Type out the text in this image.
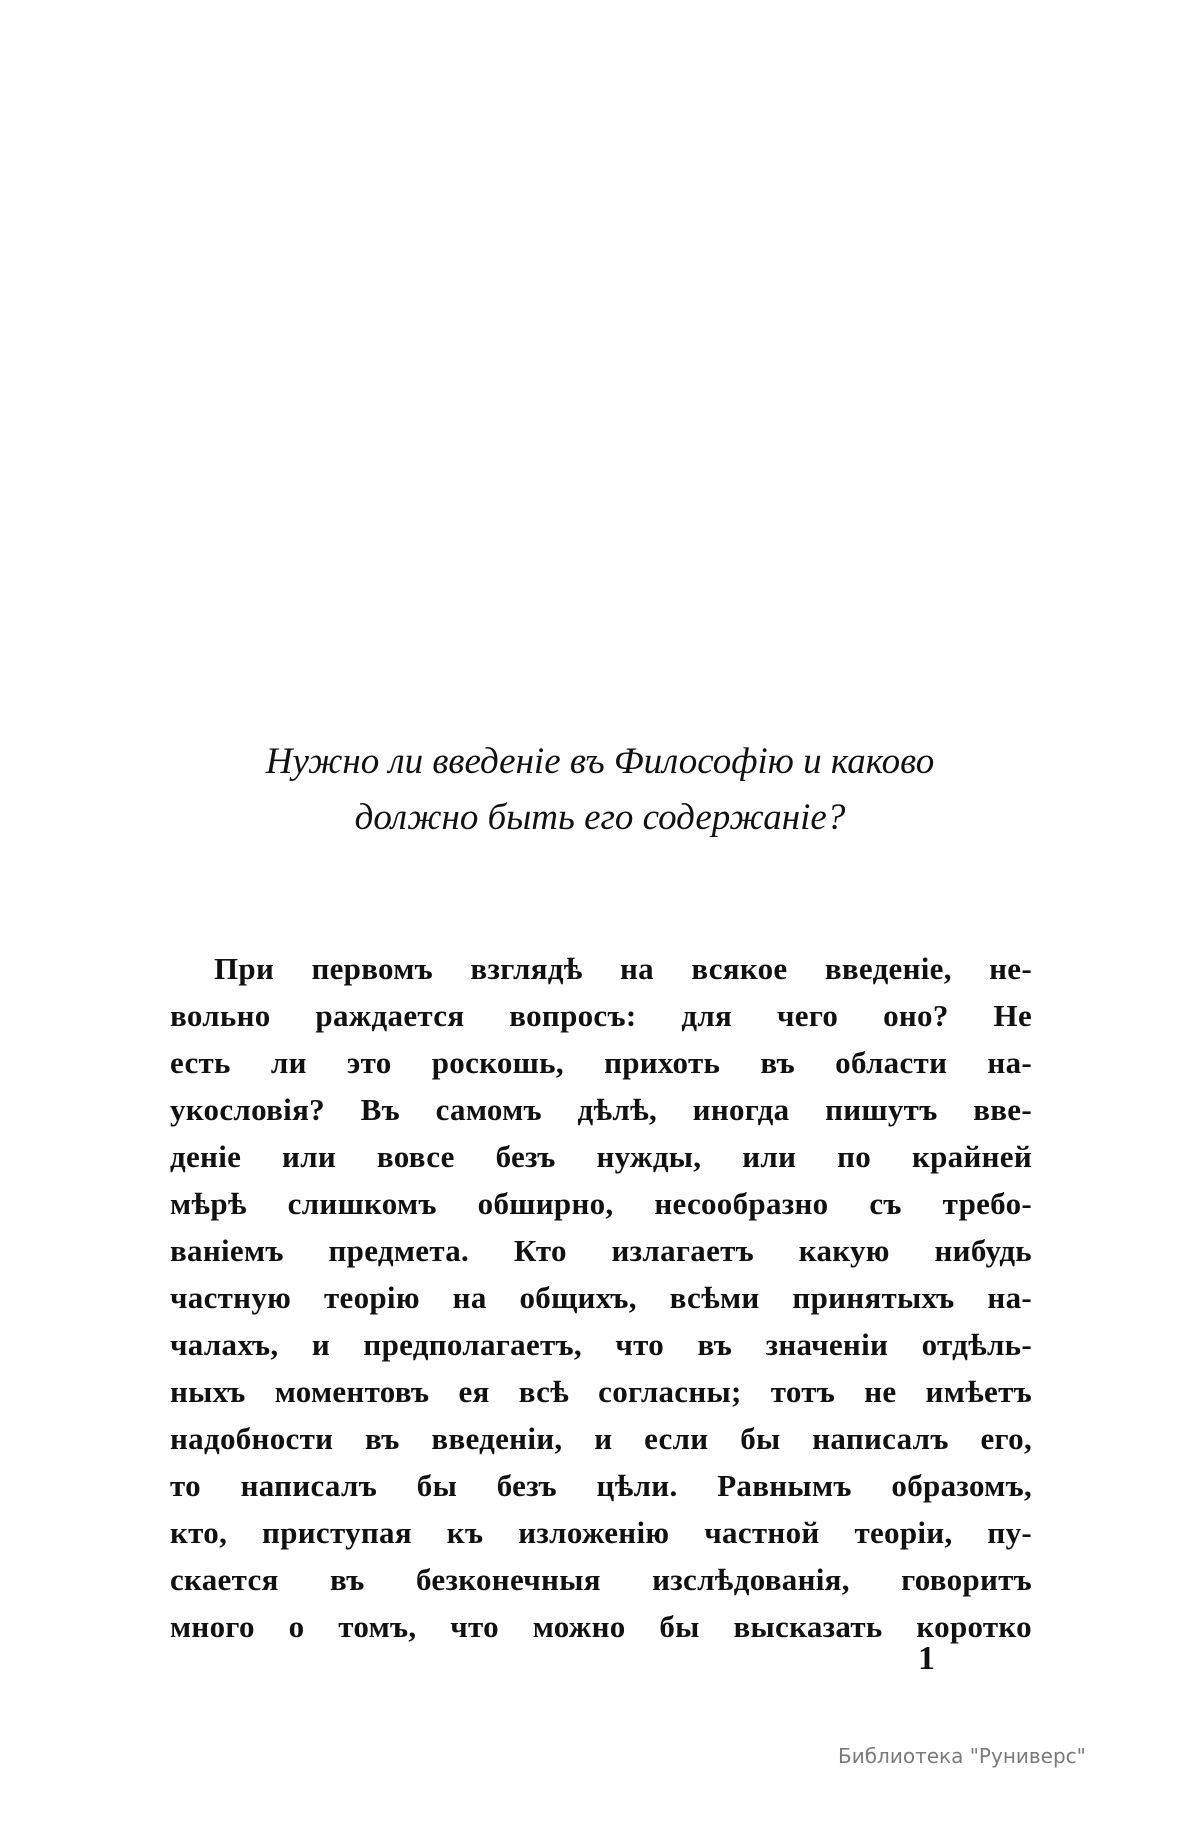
Нужно ли введеніе въ Философію и каково
должно быть его содержаніе?
При первомъ взглядѣ на всякое введеніе, не-
вольно раждается вопросъ: для чего оно? Не
есть ли это роскошь, прихоть въ области на-
укословія? Въ самомъ дѣлѣ, иногда пишутъ вве-
деніе или вовсе безъ нужды, или по крайней
мѣрѣ слишкомъ обширно, несообразно съ требо-
ваніемъ предмета. Кто излагаетъ какую нибудь
частную теорію на общихъ, всѣми принятыхъ на-
чалахъ, и предполагаетъ, что въ значеніи отдѣль-
ныхъ моментовъ ея всѣ согласны; тотъ не имѣетъ
надобности въ введеніи, и если бы написалъ его,
то написалъ бы безъ цѣли. Равнымъ образомъ,
кто, приступая къ изложенію частной теоріи, пу-
скается въ безконечныя изслѣдованія, говоритъ
много о томъ, что можно бы высказать коротко
1
Библиотека "Руниверс"
